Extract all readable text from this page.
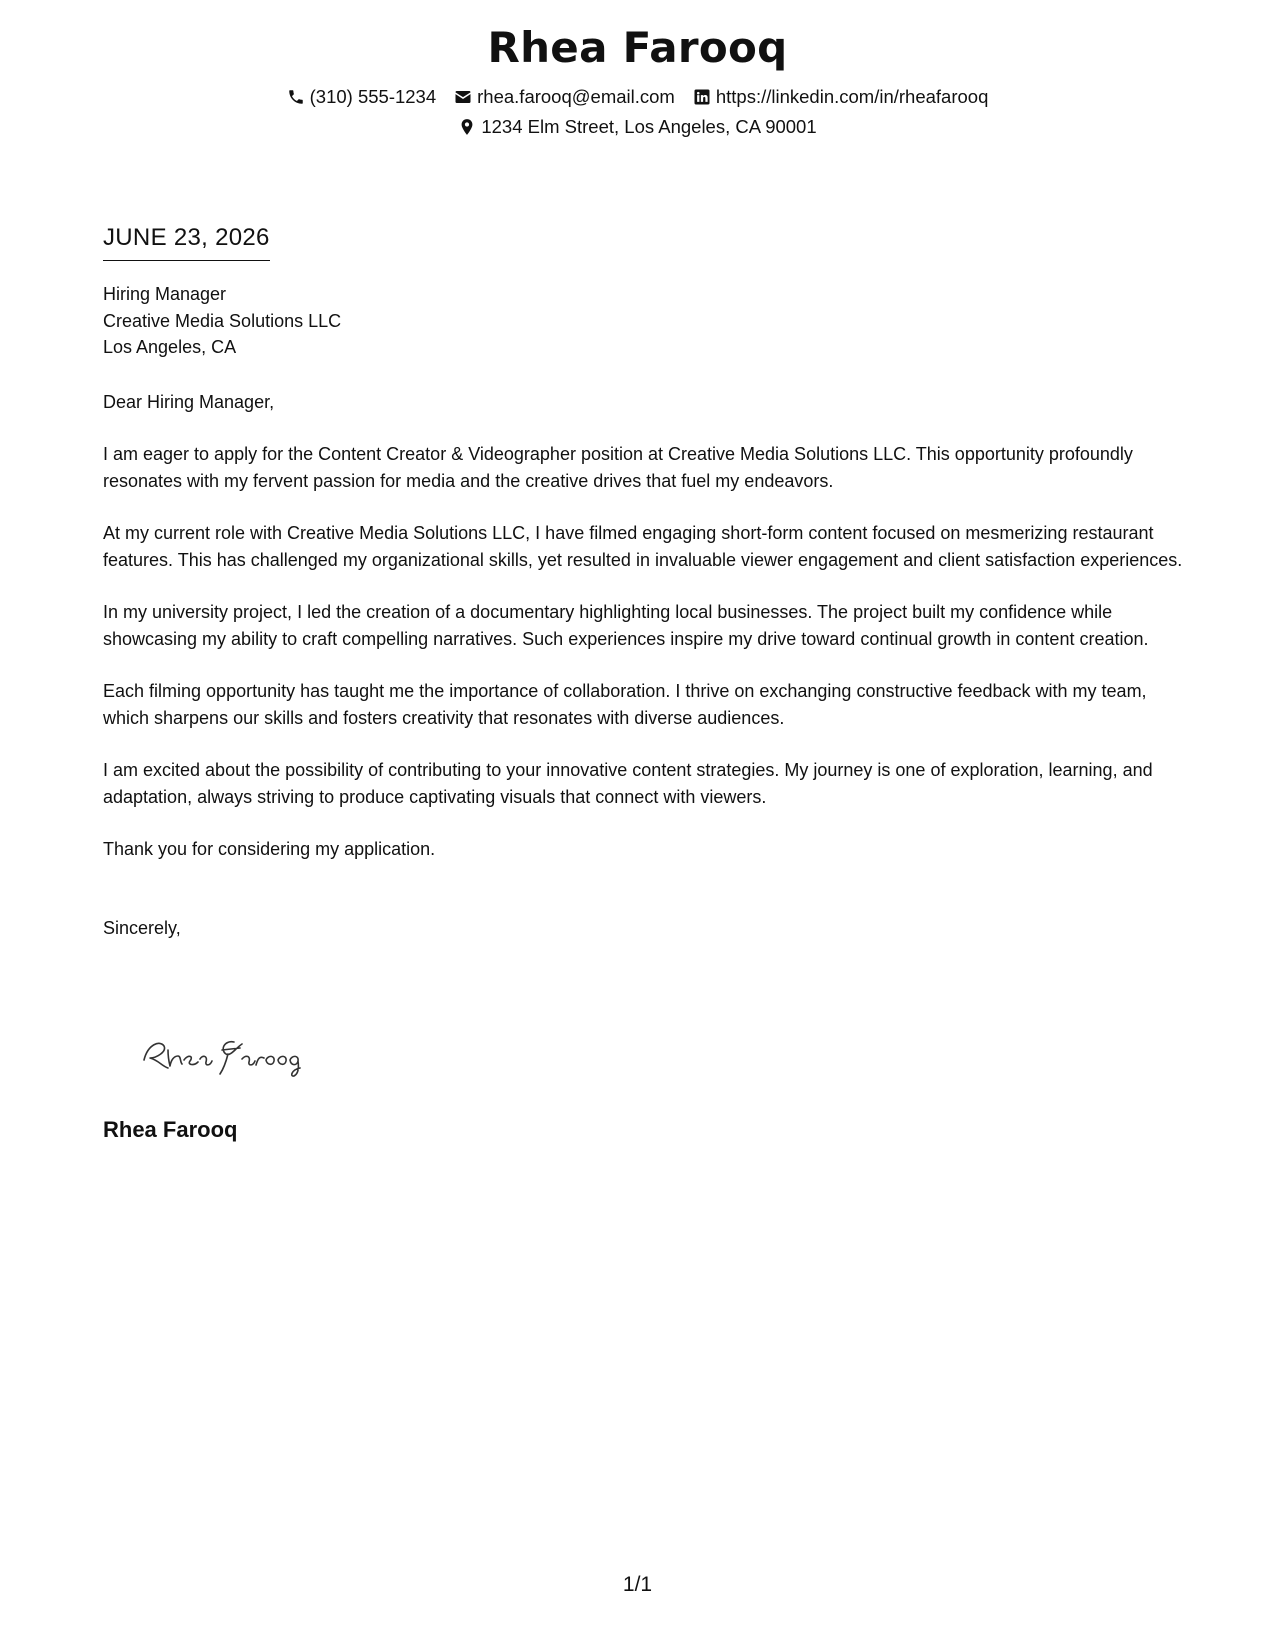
Rhea Farooq
(310) 555-1234 rhea.farooq@email.com https://linkedin.com/in/rheafarooq
1234 Elm Street, Los Angeles, CA 90001
JUNE 23, 2026

Hiring Manager

Creative Media Solutions LLC

Los Angeles, CA

Dear Hiring Manager,

I am eager to apply for the Content Creator & Videographer position at Creative Media Solutions LLC. This opportunity profoundly resonates with my fervent passion for media and the creative drives that fuel my endeavors.

At my current role with Creative Media Solutions LLC, I have filmed engaging short-form content focused on mesmerizing restaurant features. This has challenged my organizational skills, yet resulted in invaluable viewer engagement and client satisfaction experiences.

In my university project, I led the creation of a documentary highlighting local businesses. The project built my confidence while showcasing my ability to craft compelling narratives. Such experiences inspire my drive toward continual growth in content creation.

Each filming opportunity has taught me the importance of collaboration. I thrive on exchanging constructive feedback with my team, which sharpens our skills and fosters creativity that resonates with diverse audiences.

I am excited about the possibility of contributing to your innovative content strategies. My journey is one of exploration, learning, and adaptation, always striving to produce captivating visuals that connect with viewers.

Thank you for considering my application.

Sincerely,

Rhea Farooq
1/1
